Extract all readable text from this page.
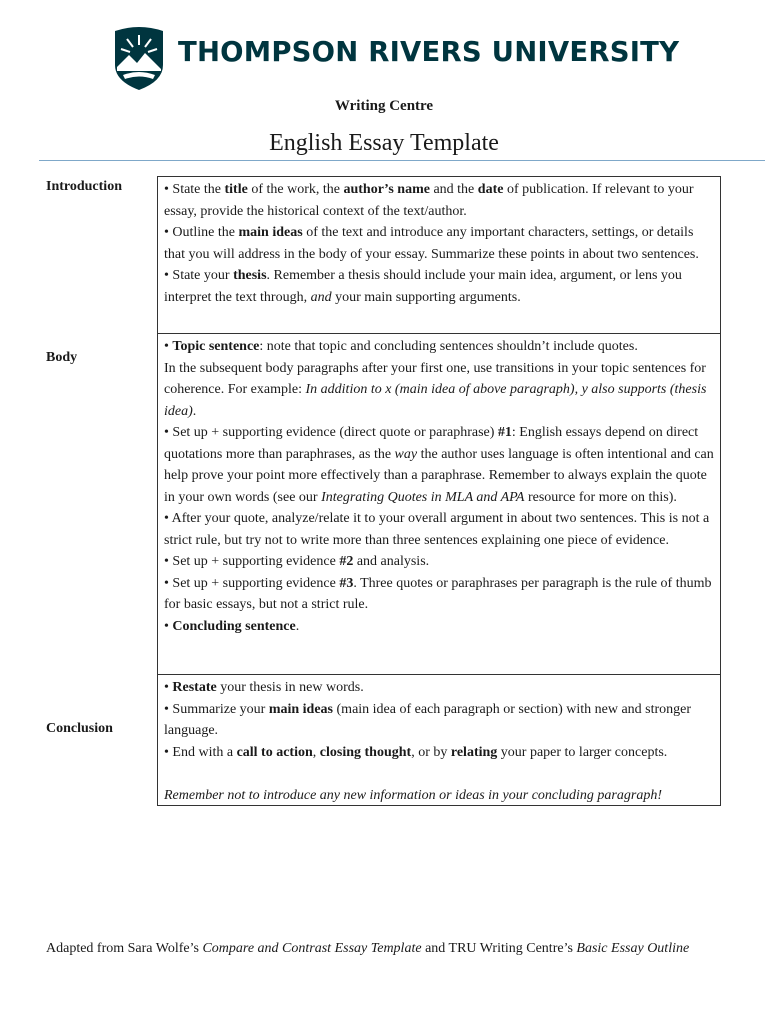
THOMPSON RIVERS UNIVERSITY
Writing Centre
English Essay Template
Introduction	• State the title of the work, the author’s name and the date of publication. If relevant to your essay, provide the historical context of the text/author.

• Outline the main ideas of the text and introduce any important characters, settings, or details that you will address in the body of your essay. Summarize these points in about two sentences.

• State your thesis. Remember a thesis should include your main idea, argument, or lens you interpret the text through, and your main supporting arguments.

Body

• Topic sentence: note that topic and concluding sentences shouldn’t include quotes.

In the subsequent body paragraphs after your first one, use transitions in your topic sentences for coherence. For example: In addition to x (main idea of above paragraph), y also supports (thesis idea).

• Set up + supporting evidence (direct quote or paraphrase) #1: English essays depend on direct quotations more than paraphrases, as the way the author uses language is often intentional and can help prove your point more effectively than a paraphrase. Remember to always explain the quote in your own words (see our Integrating Quotes in MLA and APA resource for more on this).

• After your quote, analyze/relate it to your overall argument in about two sentences. This is not a strict rule, but try not to write more than three sentences explaining one piece of evidence.

• Set up + supporting evidence #2 and analysis.

• Set up + supporting evidence #3. Three quotes or paraphrases per paragraph is the rule of thumb for basic essays, but not a strict rule.

• Concluding sentence.

Conclusion

• Restate your thesis in new words.

• Summarize your main ideas (main idea of each paragraph or section) with new and stronger language.

• End with a call to action, closing thought, or by relating your paper to larger concepts.

Remember not to introduce any new information or ideas in your concluding paragraph!

Adapted from Sara Wolfe’s Compare and Contrast Essay Template and TRU Writing Centre’s Basic Essay Outline
